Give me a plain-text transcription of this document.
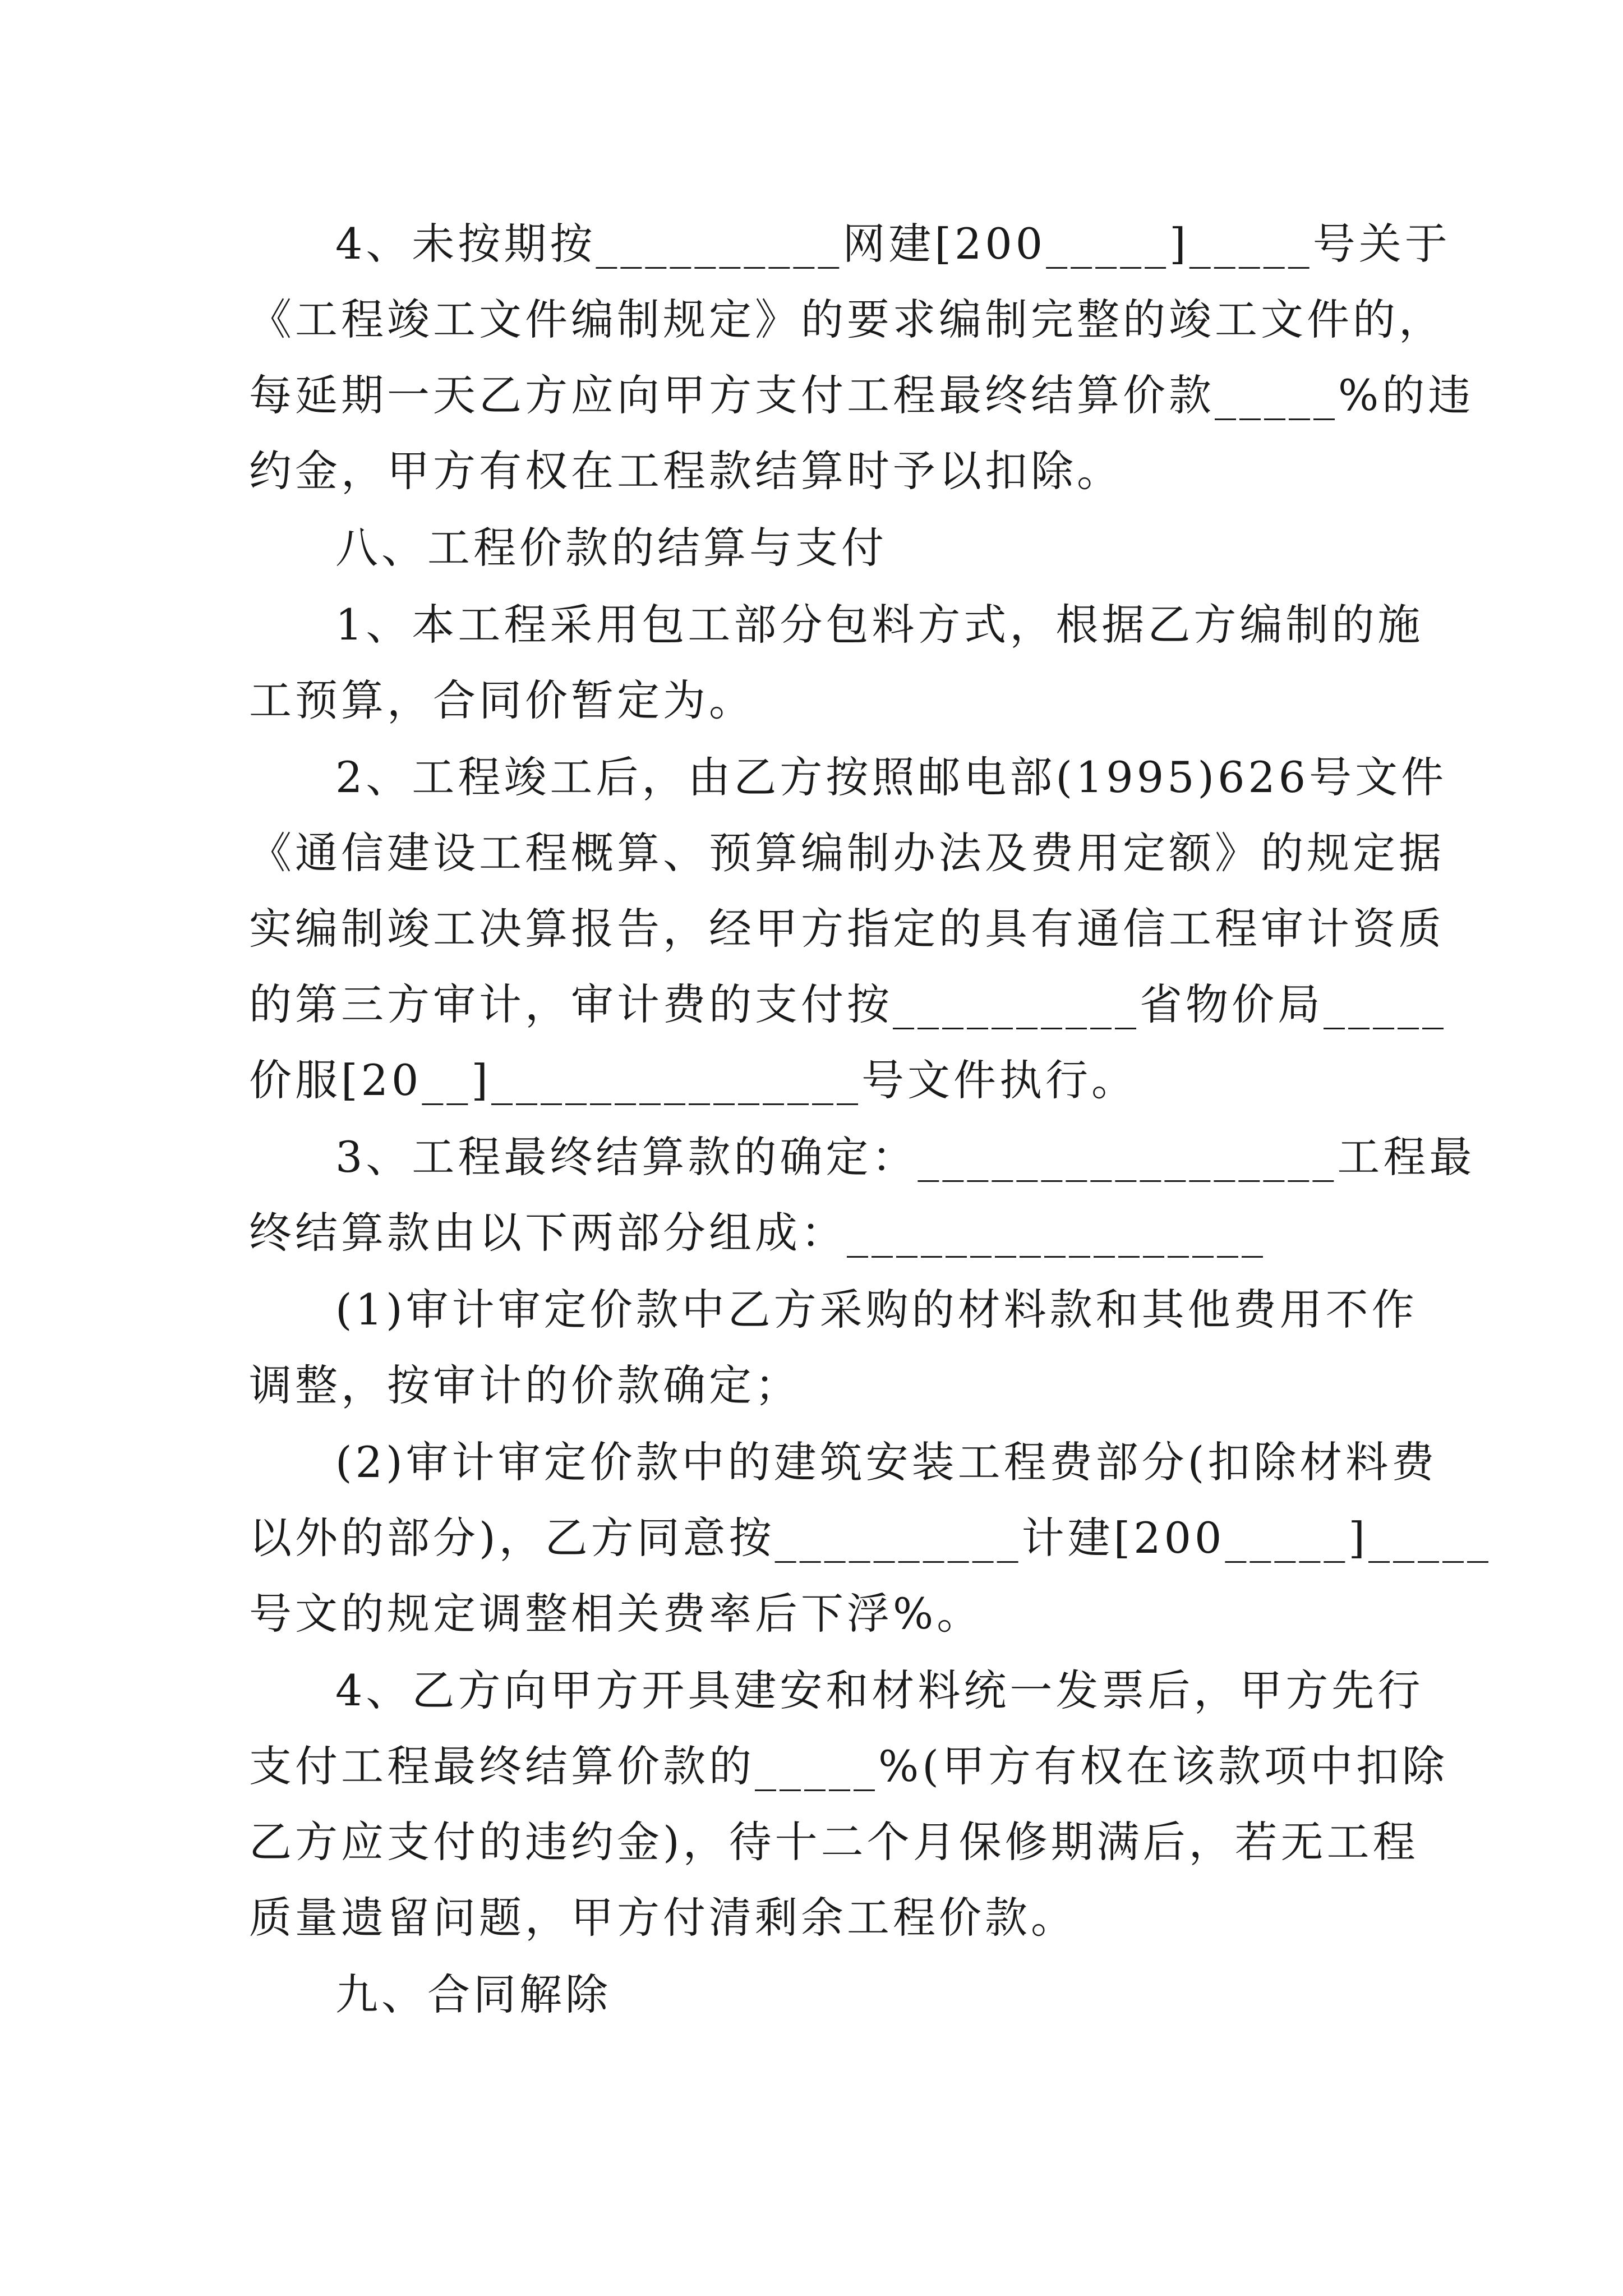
4、未按期按__________网建[200_____]_____号关于
《工程竣工文件编制规定》的要求编制完整的竣工文件的，
每延期一天乙方应向甲方支付工程最终结算价款_____%的违
约金，甲方有权在工程款结算时予以扣除。
八、工程价款的结算与支付
1、本工程采用包工部分包料方式，根据乙方编制的施
工预算，合同价暂定为。
2、工程竣工后，由乙方按照邮电部(1995)626号文件
《通信建设工程概算、预算编制办法及费用定额》的规定据
实编制竣工决算报告，经甲方指定的具有通信工程审计资质
的第三方审计，审计费的支付按__________省物价局_____
价服[20__]_______________号文件执行。
3、工程最终结算款的确定：_________________工程最
终结算款由以下两部分组成：_________________
(1)审计审定价款中乙方采购的材料款和其他费用不作
调整，按审计的价款确定；
(2)审计审定价款中的建筑安装工程费部分(扣除材料费
以外的部分)，乙方同意按__________计建[200_____]_____
号文的规定调整相关费率后下浮%。
4、乙方向甲方开具建安和材料统一发票后，甲方先行
支付工程最终结算价款的_____%(甲方有权在该款项中扣除
乙方应支付的违约金)，待十二个月保修期满后，若无工程
质量遗留问题，甲方付清剩余工程价款。
九、合同解除
